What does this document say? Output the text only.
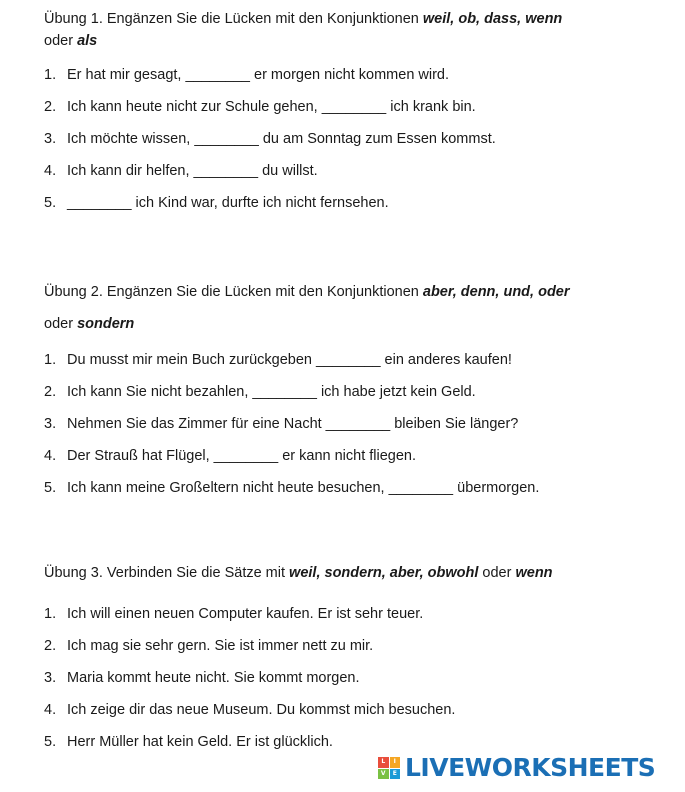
Übung 1. Engänzen Sie die Lücken mit den Konjunktionen weil, ob, dass, wenn
oder als
1. Er hat mir gesagt, ________ er morgen nicht kommen wird.
2. Ich kann heute nicht zur Schule gehen, ________ ich krank bin.
3. Ich möchte wissen, ________ du am Sonntag zum Essen kommst.
4. Ich kann dir helfen, ________ du willst.
5. ________ ich Kind war, durfte ich nicht fernsehen.
Übung 2. Engänzen Sie die Lücken mit den Konjunktionen aber, denn, und, oder
oder sondern
1. Du musst mir mein Buch zurückgeben ________ ein anderes kaufen!
2. Ich kann Sie nicht bezahlen, ________ ich habe jetzt kein Geld.
3. Nehmen Sie das Zimmer für eine Nacht ________ bleiben Sie länger?
4. Der Strauß hat Flügel, ________ er kann nicht fliegen.
5. Ich kann meine Großeltern nicht heute besuchen, ________ übermorgen.
Übung 3. Verbinden Sie die Sätze mit weil, sondern, aber, obwohl oder wenn
1. Ich will einen neuen Computer kaufen. Er ist sehr teuer.
2. Ich mag sie sehr gern. Sie ist immer nett zu mir.
3. Maria kommt heute nicht. Sie kommt morgen.
4. Ich zeige dir das neue Museum. Du kommst mich besuchen.
5. Herr Müller hat kein Geld. Er ist glücklich.
L	I
V	E LIVEWORKSHEETS
